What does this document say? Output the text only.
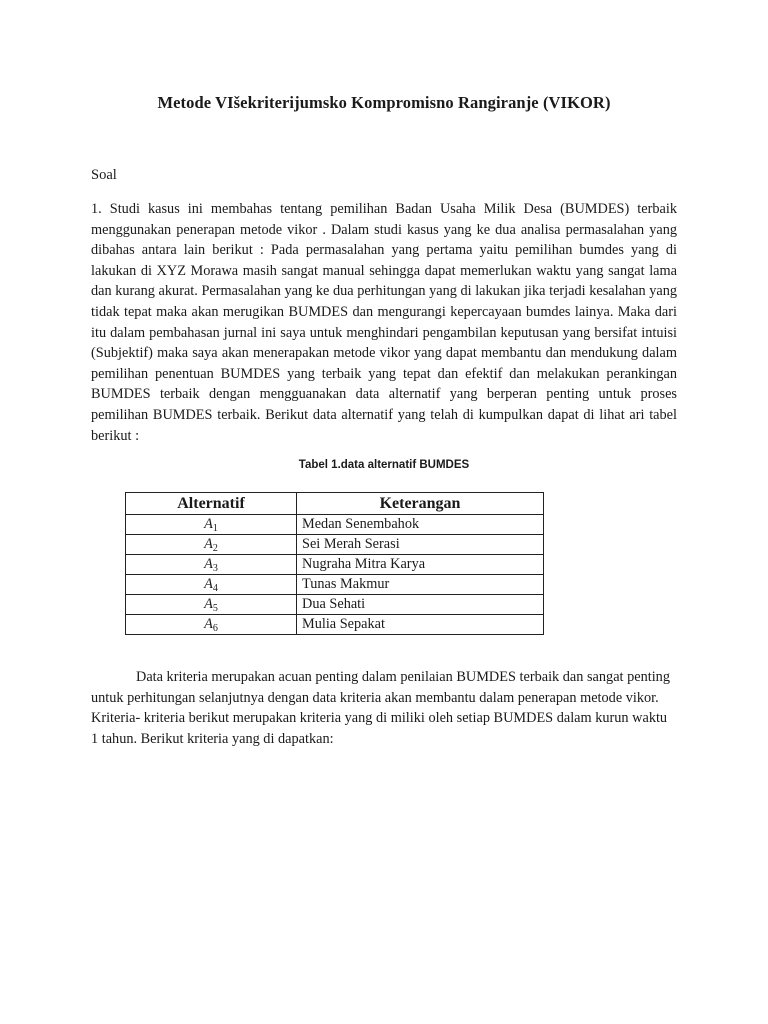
Metode VIšekriterijumsko Kompromisno Rangiranje (VIKOR)
Soal

1. Studi kasus ini membahas tentang pemilihan Badan Usaha Milik Desa (BUMDES) terbaik menggunakan penerapan metode vikor . Dalam studi kasus yang ke dua analisa permasalahan yang dibahas antara lain berikut : Pada permasalahan yang pertama yaitu pemilihan bumdes yang di lakukan di XYZ Morawa masih sangat manual sehingga dapat memerlukan waktu yang sangat lama dan kurang akurat. Permasalahan yang ke dua perhitungan yang di lakukan jika terjadi kesalahan yang tidak tepat maka akan merugikan BUMDES dan mengurangi kepercayaan bumdes lainya. Maka dari itu dalam pembahasan jurnal ini saya untuk menghindari pengambilan keputusan yang bersifat intuisi (Subjektif) maka saya akan menerapakan metode vikor yang dapat membantu dan mendukung dalam pemilihan penentuan BUMDES yang terbaik yang tepat dan efektif dan melakukan perankingan BUMDES terbaik dengan mengguanakan data alternatif yang berperan penting untuk proses pemilihan BUMDES terbaik. Berikut data alternatif yang telah di kumpulkan dapat di lihat ari tabel berikut :

Tabel 1.data alternatif BUMDES
Alternatif	Keterangan
$A_1$	Medan Senembahok
$A_2$	Sei Merah Serasi
$A_3$	Nugraha Mitra Karya
$A_4$	Tunas Makmur
$A_5$	Dua Sehati
$A_6$	Mulia Sepakat

Data kriteria merupakan acuan penting dalam penilaian BUMDES terbaik dan sangat penting untuk perhitungan selanjutnya dengan data kriteria akan membantu dalam penerapan metode vikor. Kriteria- kriteria berikut merupakan kriteria yang di miliki oleh setiap BUMDES dalam kurun waktu 1 tahun. Berikut kriteria yang di dapatkan:
